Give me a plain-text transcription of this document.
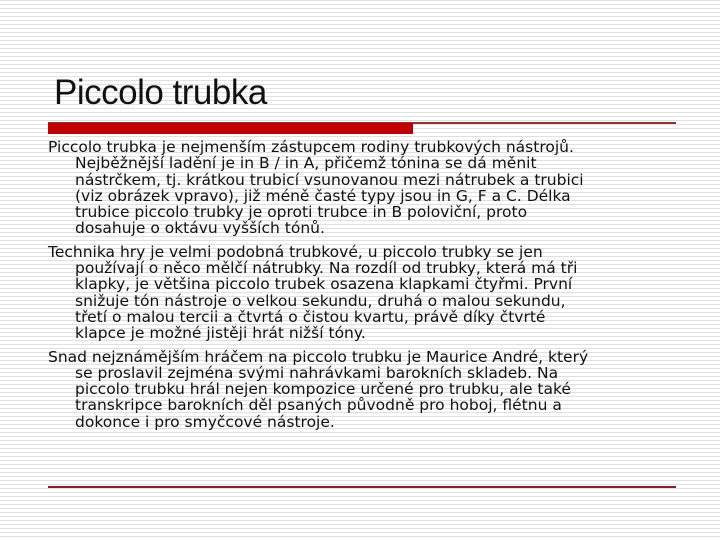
Piccolo trubka
Piccolo trubka je nejmenším zástupcem rodiny trubkových nástrojů.
Nejběžnější ladění je in B / in A, přičemž tónina se dá měnit
nástrčkem, tj. krátkou trubicí vsunovanou mezi nátrubek a trubici
(viz obrázek vpravo), již méně časté typy jsou in G, F a C. Délka
trubice piccolo trubky je oproti trubce in B poloviční, proto
dosahuje o oktávu vyšších tónů.
Technika hry je velmi podobná trubkové, u piccolo trubky se jen
používají o něco mělčí nátrubky. Na rozdíl od trubky, která má tři
klapky, je většina piccolo trubek osazena klapkami čtyřmi. První
snižuje tón nástroje o velkou sekundu, druhá o malou sekundu,
třetí o malou tercii a čtvrtá o čistou kvartu, právě díky čtvrté
klapce je možné jistěji hrát nižší tóny.
Snad nejznámějším hráčem na piccolo trubku je Maurice André, který
se proslavil zejména svými nahrávkami barokních skladeb. Na
piccolo trubku hrál nejen kompozice určené pro trubku, ale také
transkripce barokních děl psaných původně pro hoboj, flétnu a
dokonce i pro smyčcové nástroje.
